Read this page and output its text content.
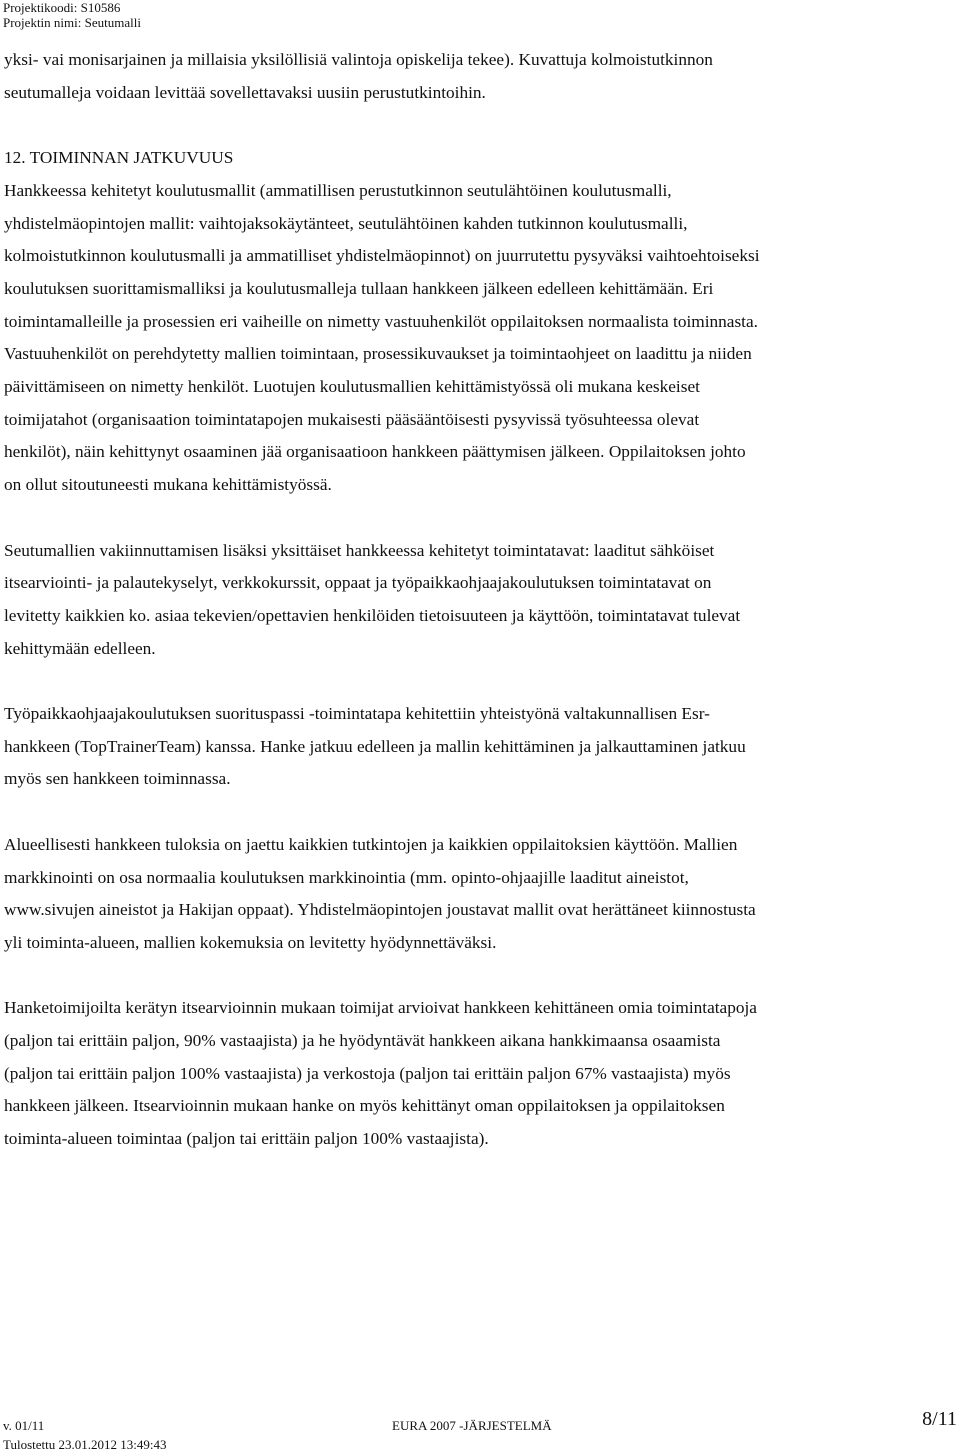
Projektikoodi: S10586
Projektin nimi: Seutumalli

yksi- vai monisarjainen ja millaisia yksilöllisiä valintoja opiskelija tekee). Kuvattuja kolmoistutkinnon
seutumalleja voidaan levittää sovellettavaksi uusiin perustutkintoihin.

12. TOIMINNAN JATKUVUUS

Hankkeessa kehitetyt koulutusmallit (ammatillisen perustutkinnon seutulähtöinen koulutusmalli,
yhdistelmäopintojen mallit: vaihtojaksokäytänteet, seutulähtöinen kahden tutkinnon koulutusmalli,
kolmoistutkinnon koulutusmalli ja ammatilliset yhdistelmäopinnot) on juurrutettu pysyväksi vaihtoehtoiseksi
koulutuksen suorittamismalliksi ja koulutusmalleja tullaan hankkeen jälkeen edelleen kehittämään. Eri
toimintamalleille ja prosessien eri vaiheille on nimetty vastuuhenkilöt oppilaitoksen normaalista toiminnasta.
Vastuuhenkilöt on perehdytetty mallien toimintaan, prosessikuvaukset ja toimintaohjeet on laadittu ja niiden
päivittämiseen on nimetty henkilöt. Luotujen koulutusmallien kehittämistyössä oli mukana keskeiset
toimijatahot (organisaation toimintatapojen mukaisesti pääsääntöisesti pysyvissä työsuhteessa olevat
henkilöt), näin kehittynyt osaaminen jää organisaatioon hankkeen päättymisen jälkeen. Oppilaitoksen johto
on ollut sitoutuneesti mukana kehittämistyössä.

Seutumallien vakiinnuttamisen lisäksi yksittäiset hankkeessa kehitetyt toimintatavat: laaditut sähköiset
itsearviointi- ja palautekyselyt, verkkokurssit, oppaat ja työpaikkaohjaajakoulutuksen toimintatavat on
levitetty kaikkien ko. asiaa tekevien/opettavien henkilöiden tietoisuuteen ja käyttöön, toimintatavat tulevat
kehittymään edelleen.

Työpaikkaohjaajakoulutuksen suorituspassi -toimintatapa kehitettiin yhteistyönä valtakunnallisen Esr-
hankkeen (TopTrainerTeam) kanssa. Hanke jatkuu edelleen ja mallin kehittäminen ja jalkauttaminen jatkuu
myös sen hankkeen toiminnassa.

Alueellisesti hankkeen tuloksia on jaettu kaikkien tutkintojen ja kaikkien oppilaitoksien käyttöön. Mallien
markkinointi on osa normaalia koulutuksen markkinointia (mm. opinto-ohjaajille laaditut aineistot,
www.sivujen aineistot ja Hakijan oppaat). Yhdistelmäopintojen joustavat mallit ovat herättäneet kiinnostusta
yli toiminta-alueen, mallien kokemuksia on levitetty hyödynnettäväksi.

Hanketoimijoilta kerätyn itsearvioinnin mukaan toimijat arvioivat hankkeen kehittäneen omia toimintatapoja
(paljon tai erittäin paljon, 90% vastaajista) ja he hyödyntävät hankkeen aikana hankkimaansa osaamista
(paljon tai erittäin paljon 100% vastaajista) ja verkostoja (paljon tai erittäin paljon 67% vastaajista) myös
hankkeen jälkeen. Itsearvioinnin mukaan hanke on myös kehittänyt oman oppilaitoksen ja oppilaitoksen
toiminta-alueen toimintaa (paljon tai erittäin paljon 100% vastaajista).

v. 01/11	EURA 2007 -JÄRJESTELMÄ	8/11
Tulostettu 23.01.2012 13:49:43
